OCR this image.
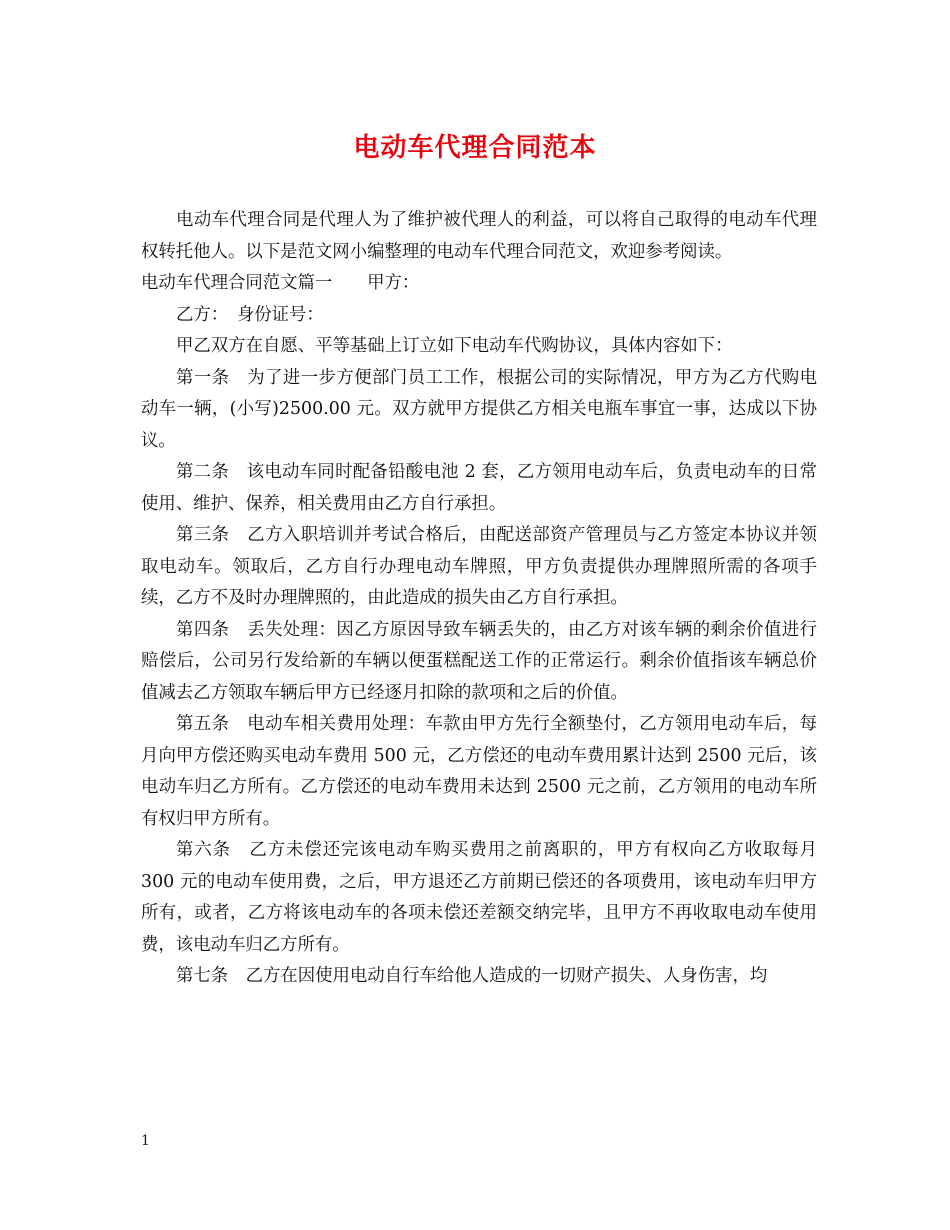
电动车代理合同范本

电动车代理合同是代理人为了维护被代理人的利益，可以将自己取得的电动车代理权转托他人。以下是范文网小编整理的电动车代理合同范文，欢迎参考阅读。

电动车代理合同范文篇一　　甲方：

乙方：　身份证号：

甲乙双方在自愿、平等基础上订立如下电动车代购协议，具体内容如下：

第一条　为了进一步方便部门员工工作，根据公司的实际情况，甲方为乙方代购电动车一辆，(小写)2500.00 元。双方就甲方提供乙方相关电瓶车事宜一事，达成以下协议。

第二条　该电动车同时配备铅酸电池 2 套，乙方领用电动车后，负责电动车的日常使用、维护、保养，相关费用由乙方自行承担。

第三条　乙方入职培训并考试合格后，由配送部资产管理员与乙方签定本协议并领取电动车。领取后，乙方自行办理电动车牌照，甲方负责提供办理牌照所需的各项手续，乙方不及时办理牌照的，由此造成的损失由乙方自行承担。

第四条　丢失处理：因乙方原因导致车辆丢失的，由乙方对该车辆的剩余价值进行赔偿后，公司另行发给新的车辆以便蛋糕配送工作的正常运行。剩余价值指该车辆总价值减去乙方领取车辆后甲方已经逐月扣除的款项和之后的价值。

第五条　电动车相关费用处理：车款由甲方先行全额垫付，乙方领用电动车后，每月向甲方偿还购买电动车费用 500 元，乙方偿还的电动车费用累计达到 2500 元后，该电动车归乙方所有。乙方偿还的电动车费用未达到 2500 元之前，乙方领用的电动车所有权归甲方所有。

第六条　乙方未偿还完该电动车购买费用之前离职的，甲方有权向乙方收取每月 300 元的电动车使用费，之后，甲方退还乙方前期已偿还的各项费用，该电动车归甲方所有，或者，乙方将该电动车的各项未偿还差额交纳完毕，且甲方不再收取电动车使用费，该电动车归乙方所有。

第七条　乙方在因使用电动自行车给他人造成的一切财产损失、人身伤害，均

1
